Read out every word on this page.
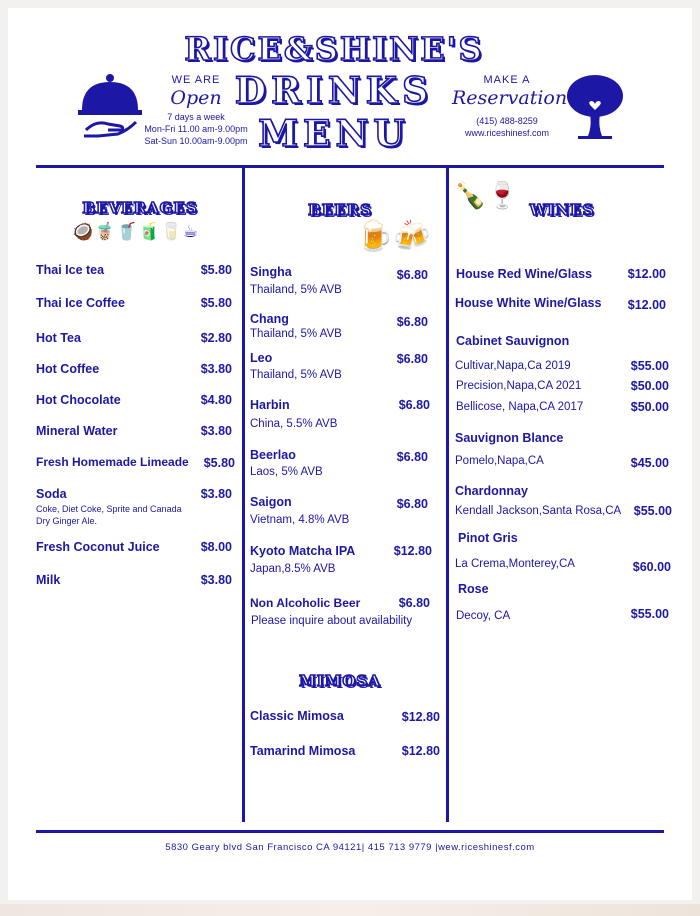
RICE&SHINE'S
DRINKS
MENU
WE ARE
Open
7 days a week
Mon-Fri 11.00 am-9.00pm
Sat-Sun 10.00am-9.00pm
MAKE A
Reservation
(415) 488-8259
www.riceshinesf.com
BEVERAGES
🥥🧋🥤🧃🥛☕
Thai Ice tea	$5.80
Thai Ice Coffee	$5.80
Hot Tea	$2.80
Hot Coffee	$3.80
Hot Chocolate	$4.80
Mineral Water	$3.80
Fresh Homemade Limeade	$5.80
Soda	$3.80
Coke, Diet Coke, Sprite and Canada Dry Ginger Ale.
Fresh Coconut Juice	$8.00
Milk	$3.80
BEERS
🍺🍻
Singha	$6.80
Thailand, 5% AVB
Chang	$6.80
Thailand, 5% AVB
Leo	$6.80
Thailand, 5% AVB
Harbin	$6.80
China, 5.5% AVB
Beerlao	$6.80
Laos, 5% AVB
Saigon	$6.80
Vietnam, 4.8% AVB
Kyoto Matcha IPA	$12.80
Japan,8.5% AVB
Non Alcoholic Beer	$6.80
Please inquire about availability
MIMOSA
Classic Mimosa	$12.80
Tamarind Mimosa	$12.80
🍾🍷 WINES
House Red Wine/Glass	$12.00
House White Wine/Glass	$12.00
Cabinet Sauvignon
Cultivar,Napa,Ca 2019	$55.00
Precision,Napa,CA 2021	$50.00
Bellicose, Napa,CA 2017	$50.00
Sauvignon Blance
Pomelo,Napa,CA	$45.00
Chardonnay
Kendall Jackson,Santa Rosa,CA	$55.00
Pinot Gris
La Crema,Monterey,CA	$60.00
Rose
Decoy, CA	$55.00
5830 Geary blvd San Francisco CA 94121| 415 713 9779 |wew.riceshinesf.com
